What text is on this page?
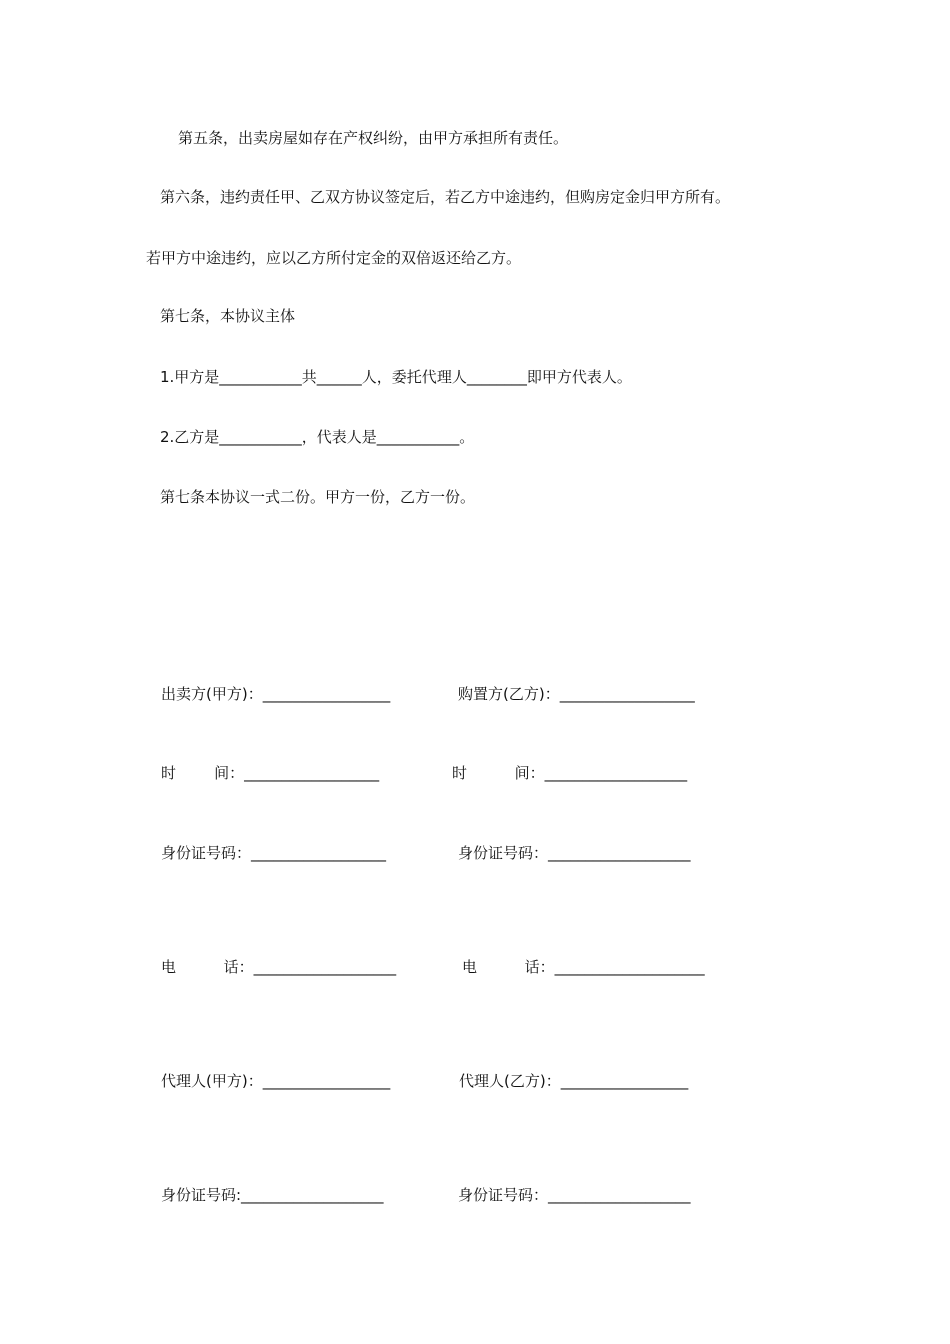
第五条，出卖房屋如存在产权纠纷，由甲方承担所有责任。
第六条，违约责任甲、乙双方协议签定后，若乙方中途违约，但购房定金归甲方所有。
若甲方中途违约，应以乙方所付定金的双倍返还给乙方。
第七条，本协议主体
1.甲方是___________共______人，委托代理人________即甲方代表人。
2.乙方是___________，代表人是___________。
第七条本协议一式二份。甲方一份，乙方一份。
出卖方(甲方)：_________________	购置方(乙方)：__________________
时        间：__________________	时          间：___________________
身份证号码：__________________	身份证号码：___________________
电          话：___________________	电          话：____________________
代理人(甲方)：_________________	代理人(乙方)：_________________
身份证号码:___________________	身份证号码：___________________
